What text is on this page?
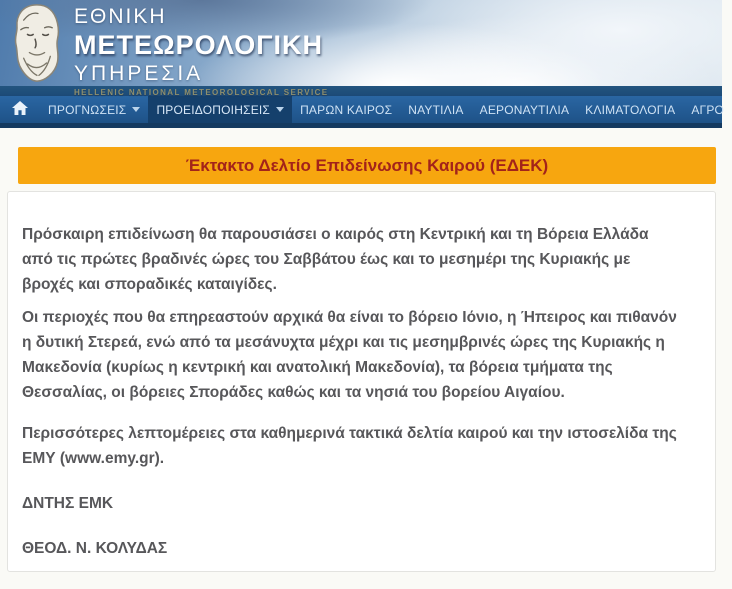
ΕΘΝΙΚΗ
ΜΕΤΕΩΡΟΛΟΓΙΚΗ
ΥΠΗΡΕΣΙΑ
HELLENIC NATIONAL METEOROLOGICAL SERVICE
ΠΡΟΓΝΩΣΕΙΣ	ΠΡΟΕΙΔΟΠΟΙΗΣΕΙΣ	ΠΑΡΩΝ ΚΑΙΡΟΣ ΝΑΥΤΙΛΙΑ ΑΕΡΟΝΑΥΤΙΛΙΑ ΚΛΙΜΑΤΟΛΟΓΙΑ ΑΓΡΟ
Έκτακτο Δελτίο Επιδείνωσης Καιρού (ΕΔΕΚ)

Πρόσκαιρη επιδείνωση θα παρουσιάσει ο καιρός στη Κεντρική και τη Βόρεια Ελλάδα από τις πρώτες βραδινές ώρες του Σαββάτου έως και το μεσημέρι της Κυριακής με βροχές και σποραδικές καταιγίδες.

Οι περιοχές που θα επηρεαστούν αρχικά θα είναι το βόρειο Ιόνιο, η Ήπειρος και πιθανόν η δυτική Στερεά, ενώ από τα μεσάνυχτα μέχρι και τις μεσημβρινές ώρες της Κυριακής η Μακεδονία (κυρίως η κεντρική και ανατολική Μακεδονία), τα βόρεια τμήματα της Θεσσαλίας, οι βόρειες Σποράδες καθώς και τα νησιά του βορείου Αιγαίου.

Περισσότερες λεπτομέρειες στα καθημερινά τακτικά δελτία καιρού και την ιστοσελίδα της ΕΜΥ (www.emy.gr).

ΔΝΤΗΣ ΕΜΚ

ΘΕΟΔ. Ν. ΚΟΛΥΔΑΣ
